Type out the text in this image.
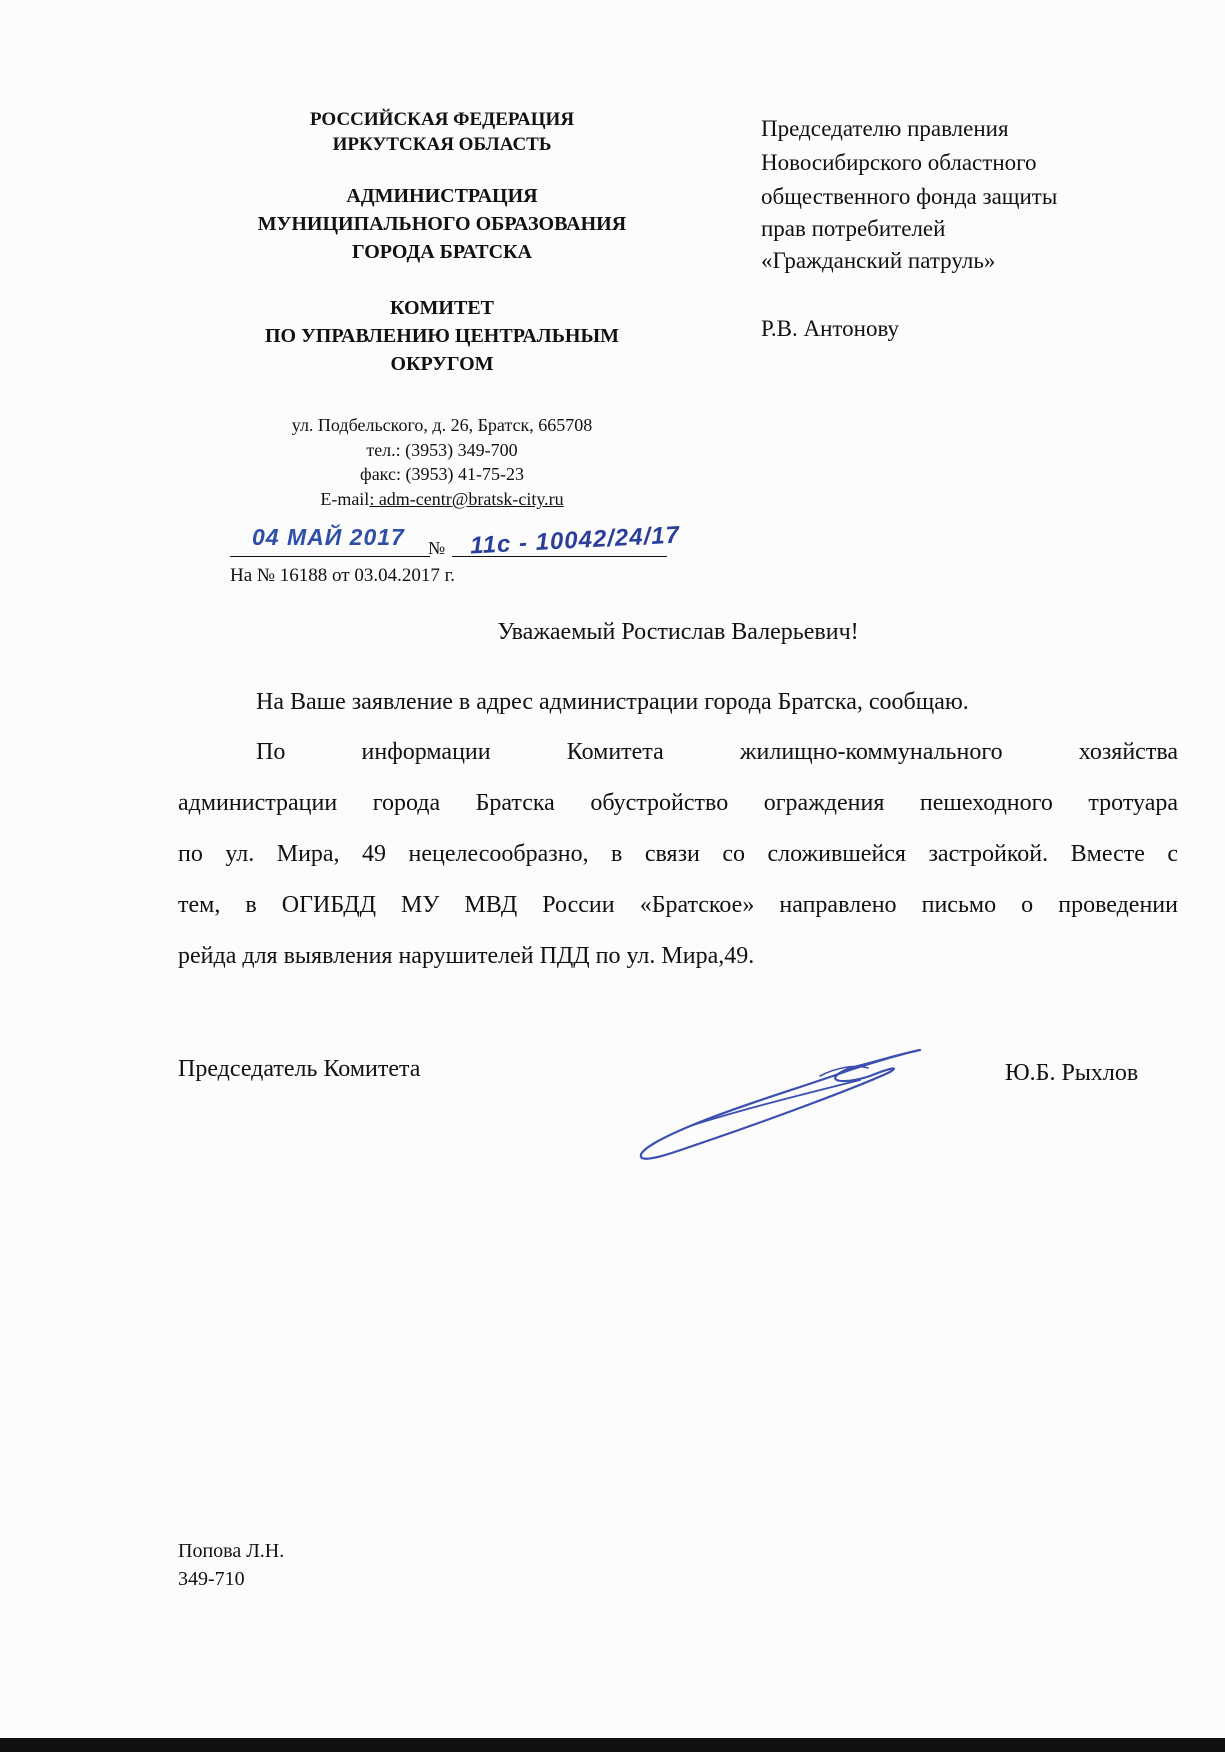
РОССИЙСКАЯ ФЕДЕРАЦИЯ
ИРКУТСКАЯ ОБЛАСТЬ
АДМИНИСТРАЦИЯ
МУНИЦИПАЛЬНОГО ОБРАЗОВАНИЯ
ГОРОДА БРАТСКА
КОМИТЕТ
ПО УПРАВЛЕНИЮ ЦЕНТРАЛЬНЫМ
ОКРУГОМ
ул. Подбельского, д. 26, Братск, 665708
тел.: (3953) 349-700
факс: (3953) 41-75-23
E-mail: adm-centr@bratsk-city.ru
04 МАЙ 2017 № 11с - 10042/24/17
На № 16188 от 03.04.2017 г.
Председателю правления
Новосибирского областного
общественного фонда защиты
прав потребителей
«Гражданский патруль»
Р.В. Антонову
Уважаемый Ростислав Валерьевич!
На Ваше заявление в адрес администрации города Братска, сообщаю.
По	информации	Комитета	жилищно-коммунального	хозяйства
администрации города Братска обустройство ограждения пешеходного тротуара
по ул. Мира, 49 нецелесообразно, в связи со сложившейся застройкой. Вместе с
тем, в ОГИБДД МУ МВД России «Братское» направлено письмо о проведении
рейда для выявления нарушителей ПДД по ул. Мира,49.
Председатель Комитета	Ю.Б. Рыхлов
Попова Л.Н.
349-710
